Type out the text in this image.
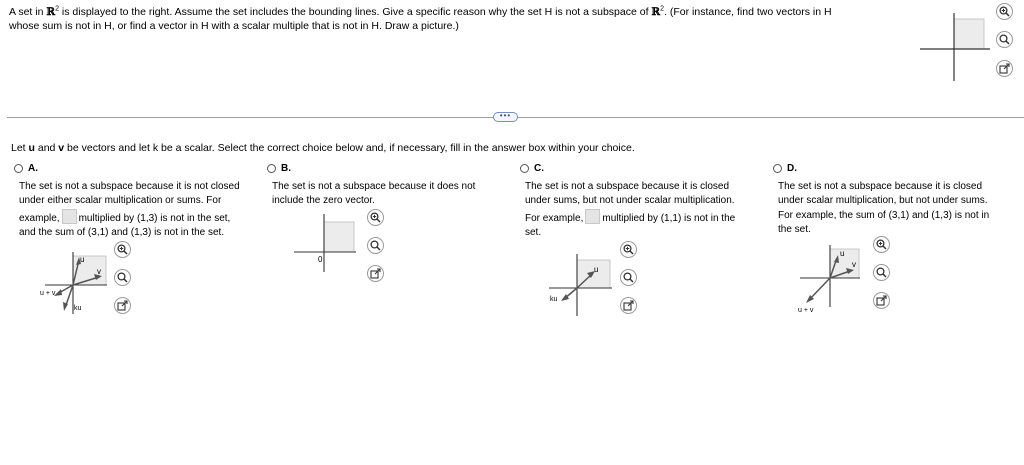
A set in ℝ$^2$ is displayed to the right. Assume the set includes the bounding lines. Give a specific reason why the set H is not a subspace of ℝ$^2$. (For instance, find two vectors in H
whose sum is not in H, or find a vector in H with a scalar multiple that is not in H. Draw a picture.)
•••
Let u and v be vectors and let k be a scalar. Select the correct choice below and, if necessary, fill in the answer box within your choice.
A.
The set is not a subspace because it is not closed
under either scalar multiplication or sums. For
example, multiplied by (1,3) is not in the set,
and the sum of (3,1) and (1,3) is not in the set.
u
v
u + v
ku
B.
The set is not a subspace because it does not
include the zero vector.
0
C.
The set is not a subspace because it is closed
under sums, but not under scalar multiplication.
For example, multiplied by (1,1) is not in the
set.
u
ku
D.
The set is not a subspace because it is closed
under scalar multiplication, but not under sums.
For example, the sum of (3,1) and (1,3) is not in
the set.
u
v
u + v
